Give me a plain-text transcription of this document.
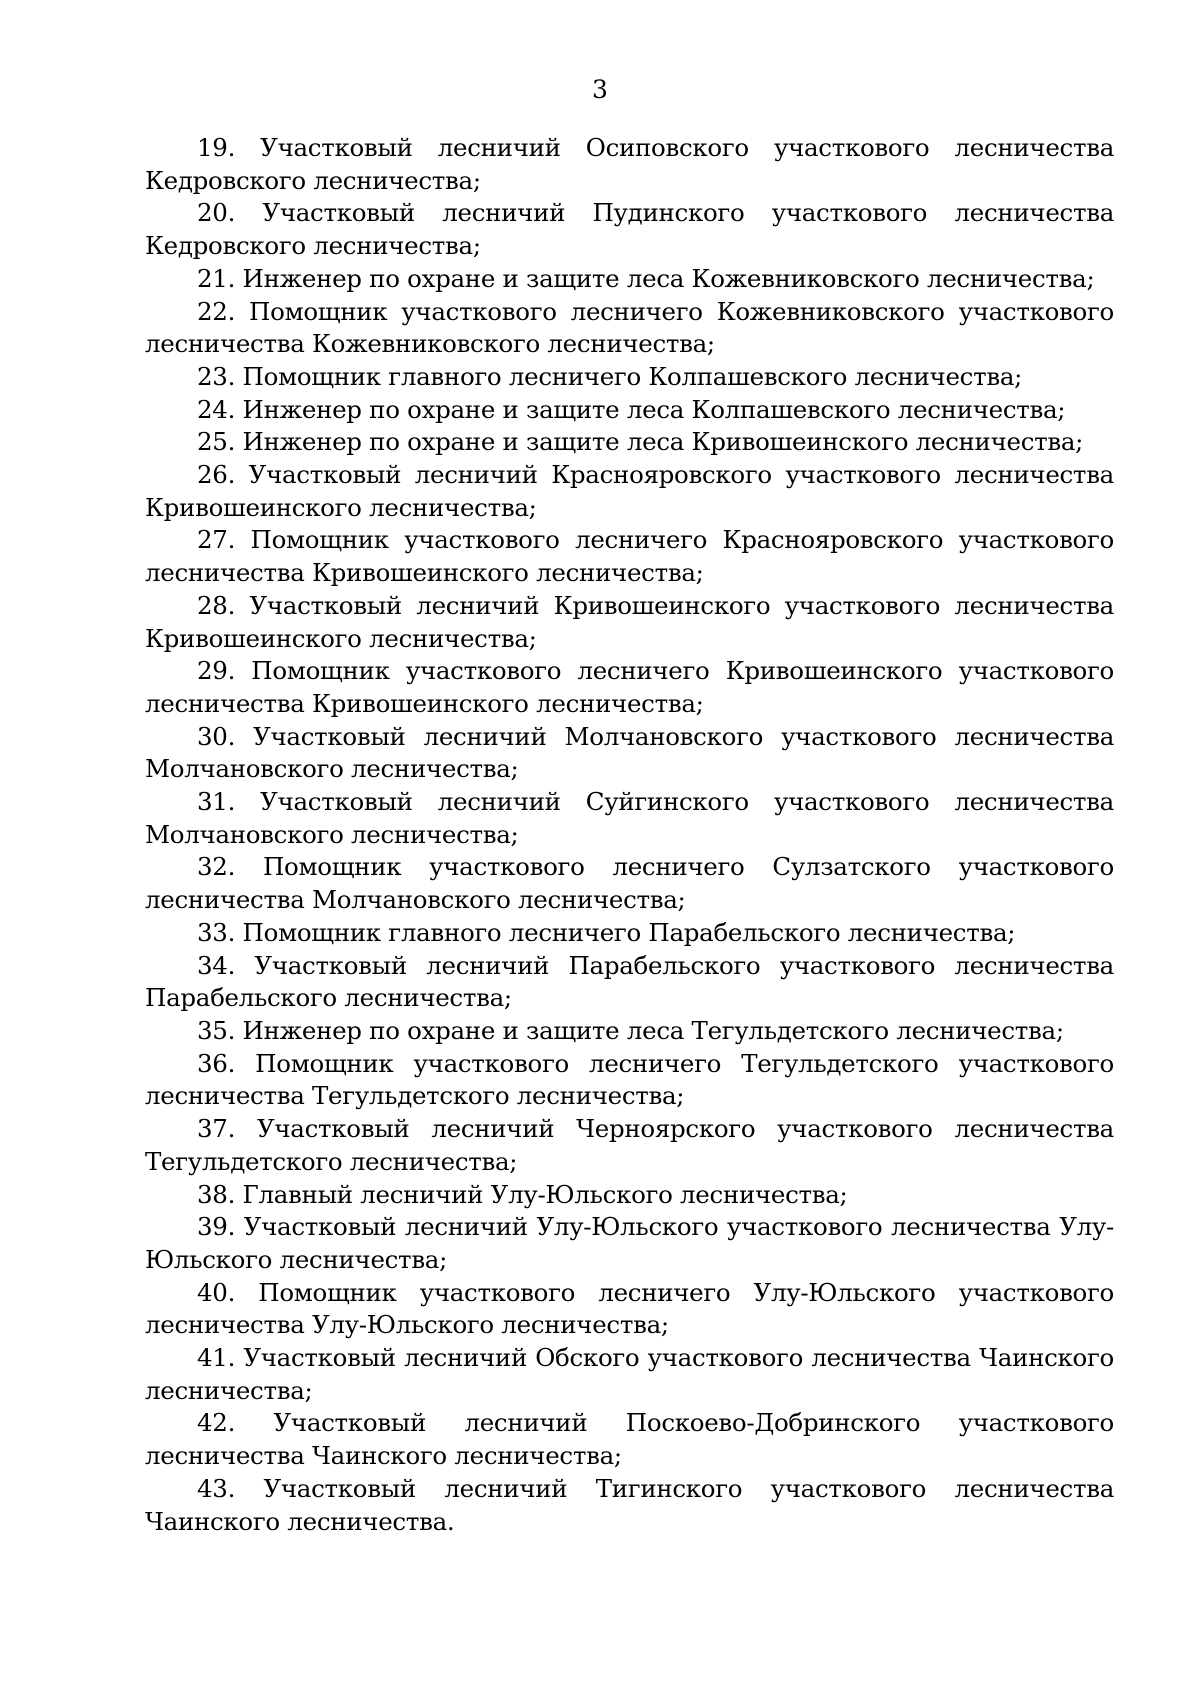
3
19. Участковый лесничий Осиповского участкового лесничества Кедровского лесничества;
20. Участковый лесничий Пудинского участкового лесничества Кедровского лесничества;
21. Инженер по охране и защите леса Кожевниковского лесничества;
22. Помощник участкового лесничего Кожевниковского участкового лесничества Кожевниковского лесничества;
23. Помощник главного лесничего Колпашевского лесничества;
24. Инженер по охране и защите леса Колпашевского лесничества;
25. Инженер по охране и защите леса Кривошеинского лесничества;
26. Участковый лесничий Краснояровского участкового лесничества Кривошеинского лесничества;
27. Помощник участкового лесничего Краснояровского участкового лесничества Кривошеинского лесничества;
28. Участковый лесничий Кривошеинского участкового лесничества Кривошеинского лесничества;
29. Помощник участкового лесничего Кривошеинского участкового лесничества Кривошеинского лесничества;
30. Участковый лесничий Молчановского участкового лесничества Молчановского лесничества;
31. Участковый лесничий Суйгинского участкового лесничества Молчановского лесничества;
32. Помощник участкового лесничего Сулзатского участкового лесничества Молчановского лесничества;
33. Помощник главного лесничего Парабельского лесничества;
34. Участковый лесничий Парабельского участкового лесничества Парабельского лесничества;
35. Инженер по охране и защите леса Тегульдетского лесничества;
36. Помощник участкового лесничего Тегульдетского участкового лесничества Тегульдетского лесничества;
37. Участковый лесничий Черноярского участкового лесничества Тегульдетского лесничества;
38. Главный лесничий Улу-Юльского лесничества;
39. Участковый лесничий Улу-Юльского участкового лесничества Улу-Юльского лесничества;
40. Помощник участкового лесничего Улу-Юльского участкового лесничества Улу-Юльского лесничества;
41. Участковый лесничий Обского участкового лесничества Чаинского лесничества;
42. Участковый лесничий Поскоево-Добринского участкового лесничества Чаинского лесничества;
43. Участковый лесничий Тигинского участкового лесничества Чаинского лесничества.
